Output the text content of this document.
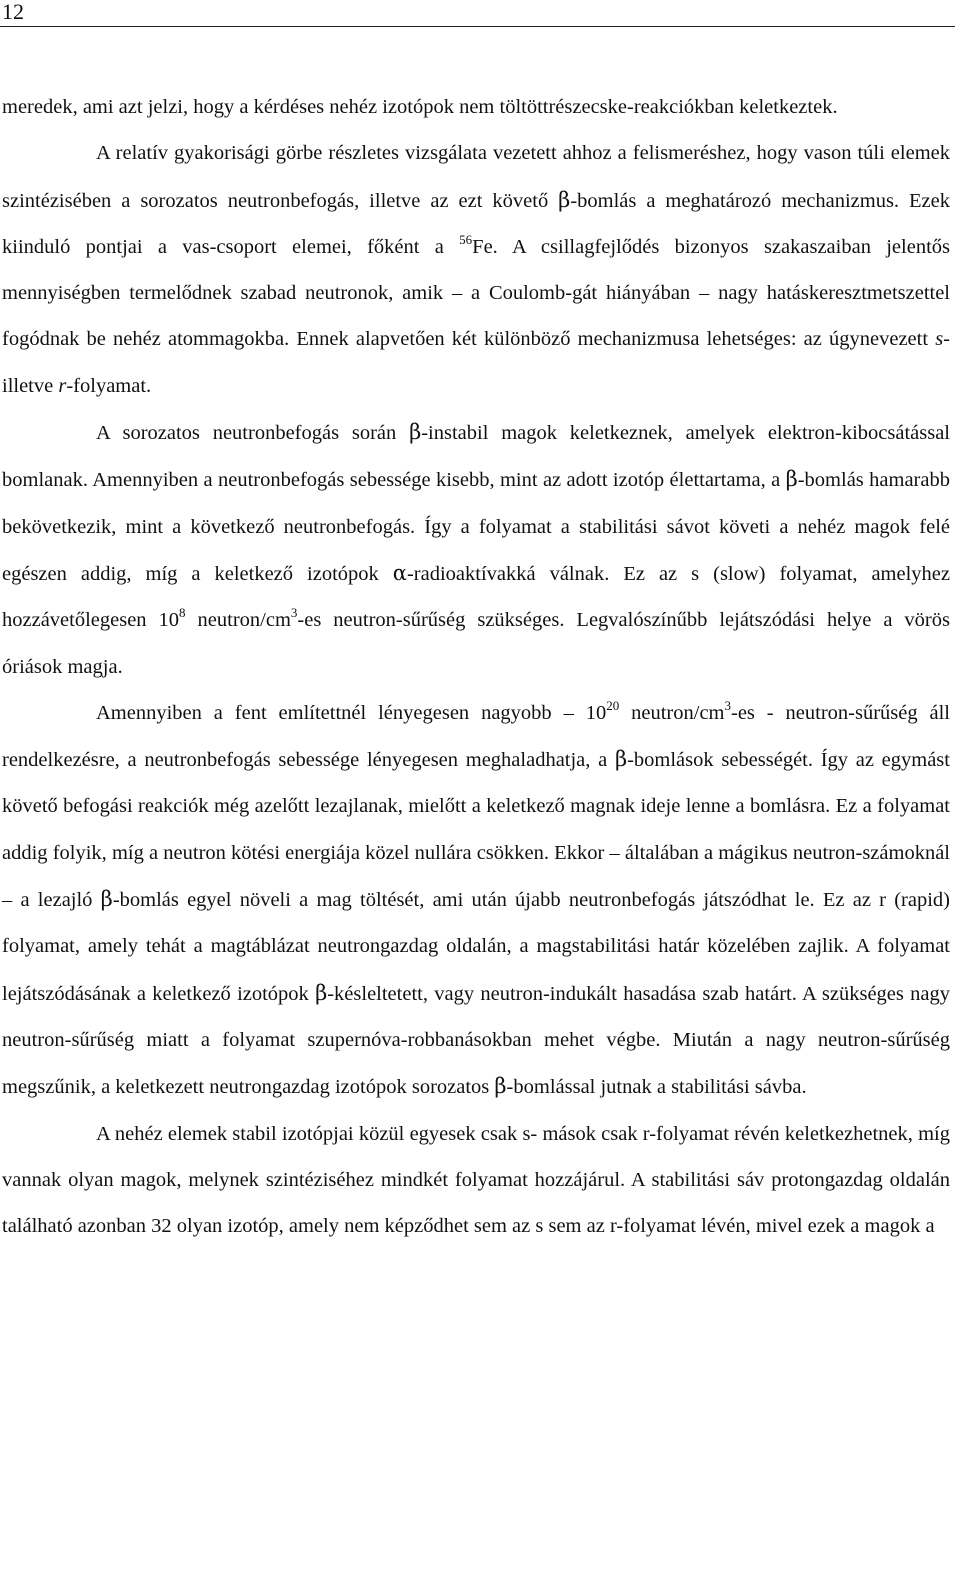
12

meredek, ami azt jelzi, hogy a kérdéses nehéz izotópok nem töltöttrészecske-reakciókban keletkeztek.

A relatív gyakorisági görbe részletes vizsgálata vezetett ahhoz a felismeréshez, hogy vason túli elemek szintézisében a sorozatos neutronbefogás, illetve az ezt követő β-bomlás a meghatározó mechanizmus. Ezek kiinduló pontjai a vas-csoport elemei, főként a $^{56}$Fe. A csillagfejlődés bizonyos szakaszaiban jelentős mennyiségben termelődnek szabad neutronok, amik – a Coulomb-gát hiányában – nagy hatáskeresztmetszettel fogódnak be nehéz atommagokba. Ennek alapvetően két különböző mechanizmusa lehetséges: az úgynevezett s- illetve r-folyamat.

A sorozatos neutronbefogás során β-instabil magok keletkeznek, amelyek elektron-kibocsátással bomlanak. Amennyiben a neutronbefogás sebessége kisebb, mint az adott izotóp élettartama, a β-bomlás hamarabb bekövetkezik, mint a következő neutronbefogás. Így a folyamat a stabilitási sávot követi a nehéz magok felé egészen addig, míg a keletkező izotópok α-radioaktívakká válnak. Ez az s (slow) folyamat, amelyhez hozzávetőlegesen $10^8$ neutron/$cm^3-es$ neutron-sűrűség szükséges. Legvalószínűbb lejátszódási helye a vörös óriások magja.

Amennyiben a fent említettnél lényegesen nagyobb – $10^{20}$ neutron/$cm^3-es$ - neutron-sűrűség áll rendelkezésre, a neutronbefogás sebessége lényegesen meghaladhatja, a β-bomlások sebességét. Így az egymást követő befogási reakciók még azelőtt lezajlanak, mielőtt a keletkező magnak ideje lenne a bomlásra. Ez a folyamat addig folyik, míg a neutron kötési energiája közel nullára csökken. Ekkor – általában a mágikus neutron-számoknál – a lezajló β-bomlás egyel növeli a mag töltését, ami után újabb neutronbefogás játszódhat le. Ez az r (rapid) folyamat, amely tehát a magtáblázat neutrongazdag oldalán, a magstabilitási határ közelében zajlik. A folyamat lejátszódásának a keletkező izotópok β-késleltetett, vagy neutron-indukált hasadása szab határt. A szükséges nagy neutron-sűrűség miatt a folyamat szupernóva-robbanásokban mehet végbe. Miután a nagy neutron-sűrűség megszűnik, a keletkezett neutrongazdag izotópok sorozatos β-bomlással jutnak a stabilitási sávba.

A nehéz elemek stabil izotópjai közül egyesek csak s- mások csak r-folyamat révén keletkezhetnek, míg vannak olyan magok, melynek szintéziséhez mindkét folyamat hozzájárul. A stabilitási sáv protongazdag oldalán található azonban 32 olyan izotóp, amely nem képződhet sem az s sem az r-folyamat lévén, mivel ezek a magok a
